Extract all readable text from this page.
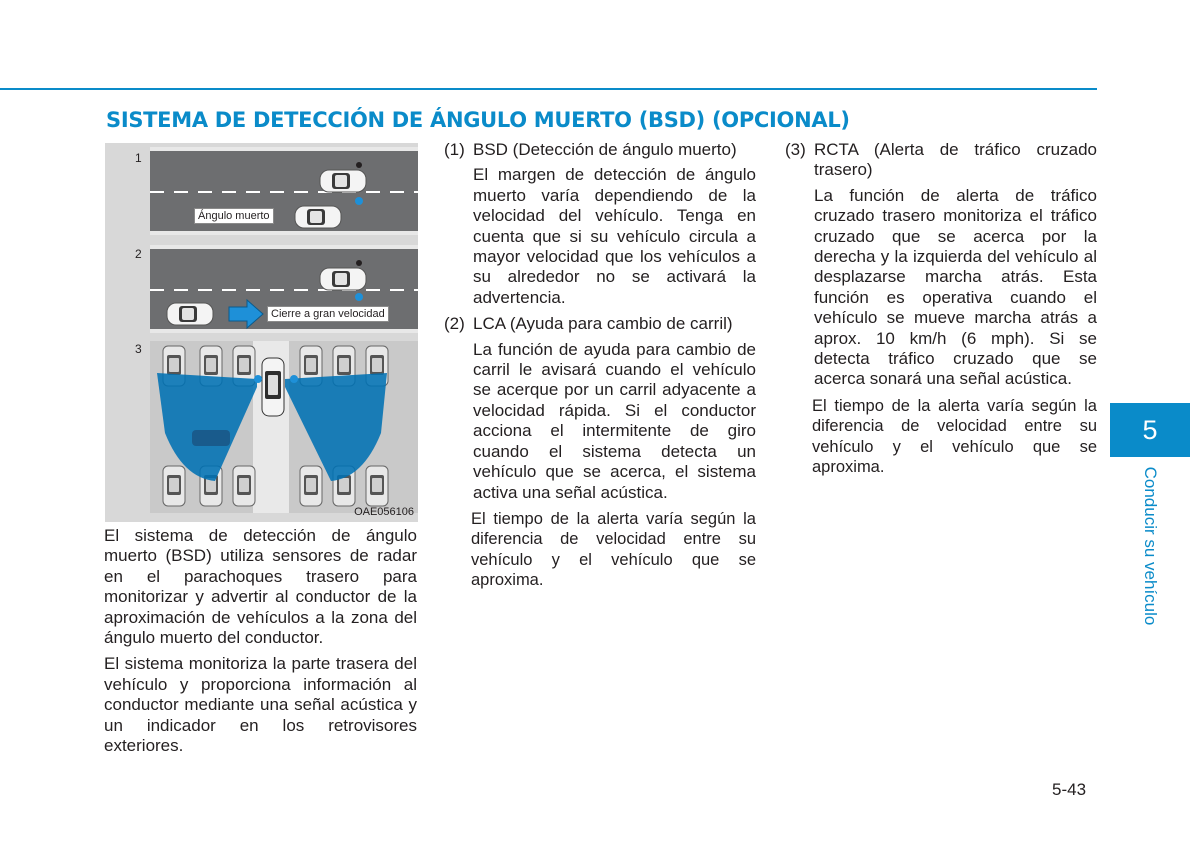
SISTEMA DE DETECCIÓN DE ÁNGULO MUERTO (BSD) (OPCIONAL)
1
2
3
Ángulo muerto
Cierre a gran velocidad
OAE056106

El sistema de detección de ángulo muerto (BSD) utiliza sensores de radar en el parachoques trasero para monitorizar y advertir al conductor de la aproximación de vehículos a la zona del ángulo muerto del conductor.

El sistema monitoriza la parte trasera del vehículo y proporciona información al conductor mediante una señal acústica y un indicador en los retrovisores exteriores.

(1) BSD (Detección de ángulo muerto)

El margen de detección de ángulo muerto varía dependiendo de la velocidad del vehículo. Tenga en cuenta que si su vehículo circula a mayor velocidad que los vehículos a su alrededor no se activará la advertencia.

(2) LCA (Ayuda para cambio de carril)

La función de ayuda para cambio de carril le avisará cuando el vehículo se acerque por un carril adyacente a velocidad rápida. Si el conductor acciona el intermitente de giro cuando el sistema detecta un vehículo que se acerca, el sistema activa una señal acústica.

El tiempo de la alerta varía según la diferencia de velocidad entre su vehículo y el vehículo que se aproxima.

(3) RCTA (Alerta de tráfico cruzado trasero)

La función de alerta de tráfico cruzado trasero monitoriza el tráfico cruzado que se acerca por la derecha y la izquierda del vehículo al desplazarse marcha atrás. Esta función es operativa cuando el vehículo se mueve marcha atrás a aprox. 10 km/h (6 mph). Si se detecta tráfico cruzado que se acerca sonará una señal acústica.

El tiempo de la alerta varía según la diferencia de velocidad entre su vehículo y el vehículo que se aproxima.

5
Conducir su vehículo
5-43
